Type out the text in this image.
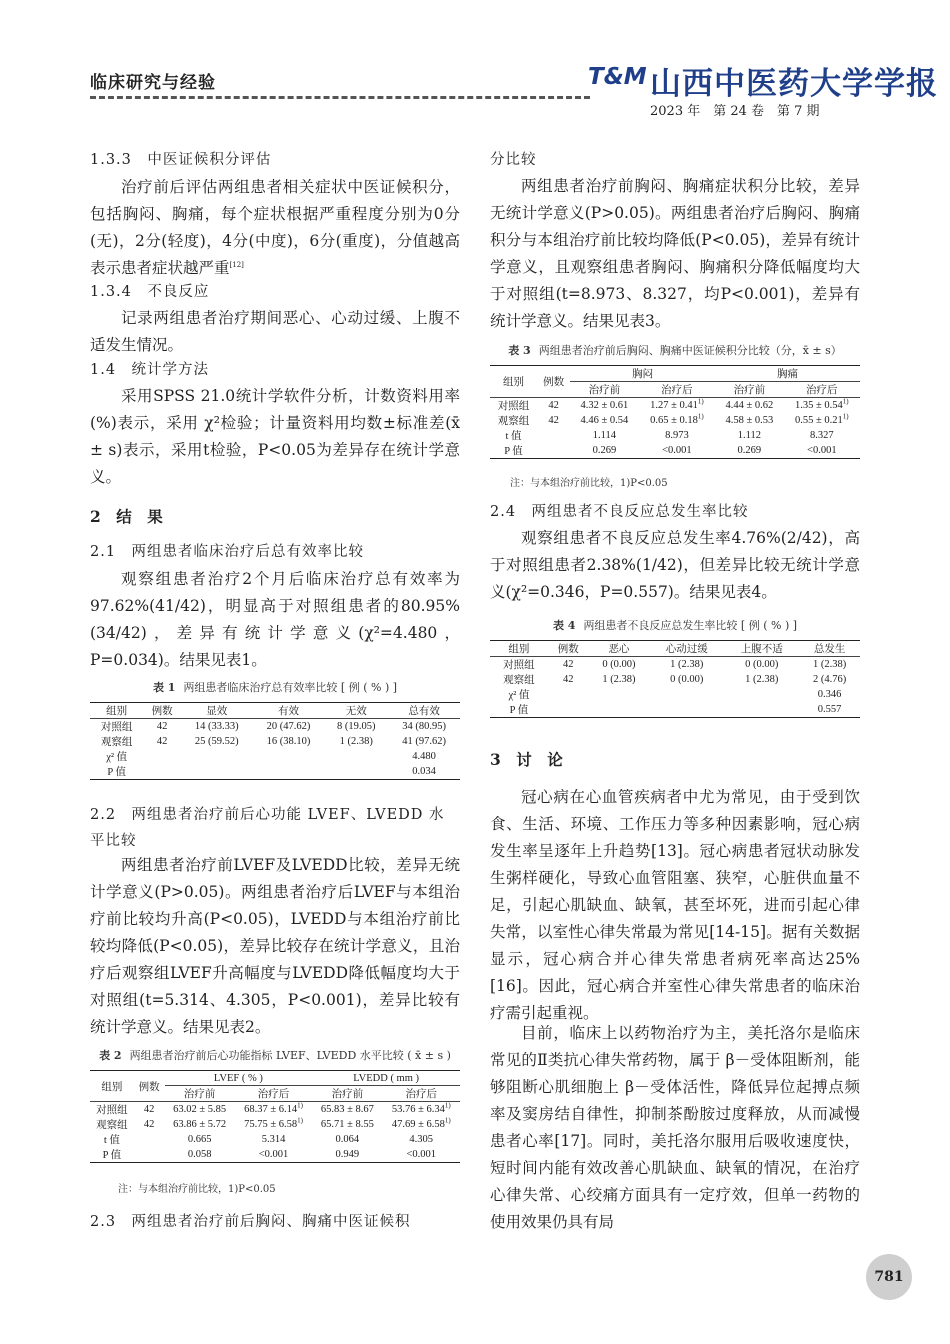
临床研究与经验	T&M 山西中医药大学学报
2023 年　第 24 卷　第 7 期
1.3.3　中医证候积分评估
治疗前后评估两组患者相关症状中医证候积分，包括胸闷、胸痛，每个症状根据严重程度分别为0分(无)，2分(轻度)，4分(中度)，6分(重度)，分值越高表示患者症状越严重[12]
1.3.4　不良反应
记录两组患者治疗期间恶心、心动过缓、上腹不适发生情况。
1.4　统计学方法
采用SPSS 21.0统计学软件分析，计数资料用率(%)表示，采用 χ²检验；计量资料用均数±标准差(x̄ ± s)表示，采用t检验，P<0.05为差异存在统计学意义。
2　结　果
2.1　两组患者临床治疗后总有效率比较
观察组患者治疗2个月后临床治疗总有效率为97.62%(41/42)，明显高于对照组患者的80.95%(34/42)，差异有统计学意义(χ²=4.480，P=0.034)。结果见表1。
表 1 两组患者临床治疗总有效率比较 [ 例 ( % ) ]
组别	例数	显效	有效	无效	总有效
对照组	42	14 (33.33)	20 (47.62)	8 (19.05)	34 (80.95)
观察组	42	25 (59.52)	16 (38.10)	1 (2.38)	41 (97.62)
χ² 值					4.480
P 值					0.034
2.2　两组患者治疗前后心功能 LVEF、LVEDD 水平比较
两组患者治疗前LVEF及LVEDD比较，差异无统计学意义(P>0.05)。两组患者治疗后LVEF与本组治疗前比较均升高(P<0.05)，LVEDD与本组治疗前比较均降低(P<0.05)，差异比较存在统计学意义，且治疗后观察组LVEF升高幅度与LVEDD降低幅度均大于对照组(t=5.314、4.305，P<0.001)，差异比较有统计学意义。结果见表2。
表 2 两组患者治疗前后心功能指标 LVEF、LVEDD 水平比较 ( x̄ ± s )
组别	例数	LVEF ( % )		LVEDD ( mm )	
		治疗前	治疗后	治疗前	治疗后
对照组	42	63.02 ± 5.85	$68.37 \pm 6.14^{1)}$	65.83 ± 8.67	$53.76 \pm 6.34^{1)}$
观察组	42	63.86 ± 5.72	$75.75 \pm 6.58^{1)}$	65.71 ± 8.55	$47.69 \pm 6.58^{1)}$
t 值		0.665	5.314	0.064	4.305
P 值		0.058	<0.001	0.949	<0.001
注：与本组治疗前比较，1)P<0.05
2.3　两组患者治疗前后胸闷、胸痛中医证候积
分比较
两组患者治疗前胸闷、胸痛症状积分比较，差异无统计学意义(P>0.05)。两组患者治疗后胸闷、胸痛积分与本组治疗前比较均降低(P<0.05)，差异有统计学意义，且观察组患者胸闷、胸痛积分降低幅度均大于对照组(t=8.973、8.327，均P<0.001)，差异有统计学意义。结果见表3。
表 3 两组患者治疗前后胸闷、胸痛中医证候积分比较（分，x̄ ± s）
组别	例数	胸闷		胸痛	
		治疗前	治疗后	治疗前	治疗后
对照组	42	4.32 ± 0.61	$1.27 \pm 0.41^{1)}$	4.44 ± 0.62	$1.35 \pm 0.54^{1)}$
观察组	42	4.46 ± 0.54	$0.65 \pm 0.18^{1)}$	4.58 ± 0.53	$0.55 \pm 0.21^{1)}$
t 值		1.114	8.973	1.112	8.327
P 值		0.269	<0.001	0.269	<0.001
注：与本组治疗前比较，1)P<0.05
2.4　两组患者不良反应总发生率比较
观察组患者不良反应总发生率4.76%(2/42)，高于对照组患者2.38%(1/42)，但差异比较无统计学意义(χ²=0.346，P=0.557)。结果见表4。
表 4 两组患者不良反应总发生率比较 [ 例 ( % ) ]
组别	例数	恶心	心动过缓	上腹不适	总发生
对照组	42	0 (0.00)	1 (2.38)	0 (0.00)	1 (2.38)
观察组	42	1 (2.38)	0 (0.00)	1 (2.38)	2 (4.76)
χ² 值					0.346
P 值					0.557
3　讨　论
冠心病在心血管疾病者中尤为常见，由于受到饮食、生活、环境、工作压力等多种因素影响，冠心病发生率呈逐年上升趋势[13]。冠心病患者冠状动脉发生粥样硬化，导致心血管阻塞、狭窄，心脏供血量不足，引起心肌缺血、缺氧，甚至坏死，进而引起心律失常，以室性心律失常最为常见[14-15]。据有关数据显示，冠心病合并心律失常患者病死率高达25%[16]。因此，冠心病合并室性心律失常患者的临床治疗需引起重视。
目前，临床上以药物治疗为主，美托洛尔是临床常见的Ⅱ类抗心律失常药物，属于 β－受体阻断剂，能够阻断心肌细胞上 β－受体活性，降低异位起搏点频率及窦房结自律性，抑制茶酚胺过度释放，从而减慢患者心率[17]。同时，美托洛尔服用后吸收速度快，短时间内能有效改善心肌缺血、缺氧的情况，在治疗心律失常、心绞痛方面具有一定疗效，但单一药物的使用效果仍具有局
781
